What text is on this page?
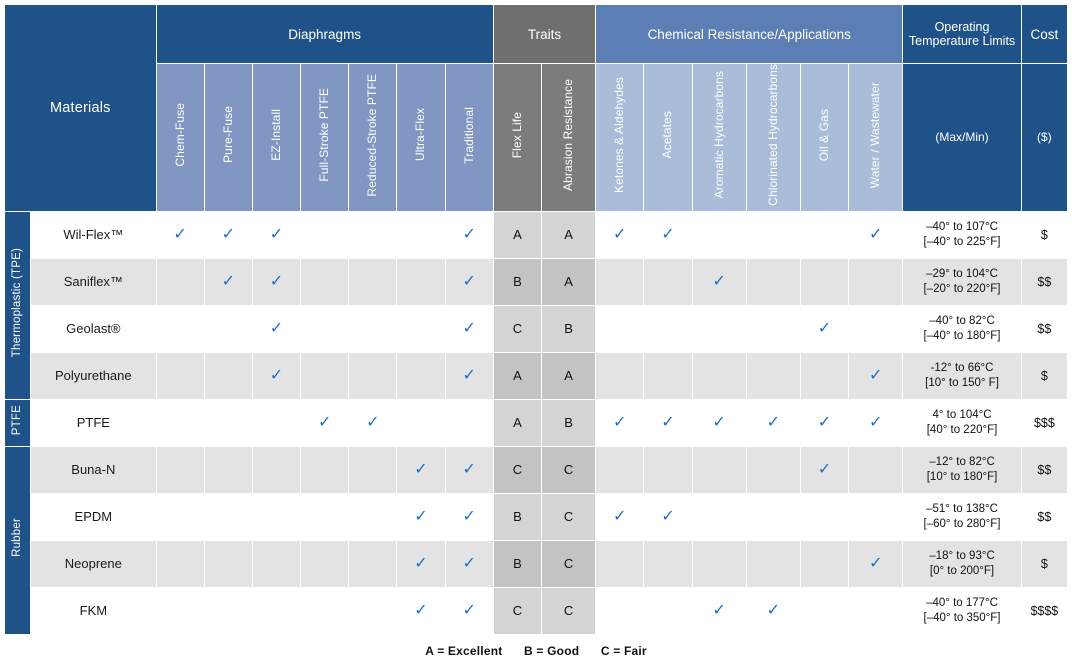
Materials		Diaphragms							Traits		Chemical Resistance/Applications						Operating Temperature Limits	Cost
		Chem-Fuse	Pure-Fuse	EZ-Install	Full-Stroke PTFE	Reduced-Stroke PTFE	Ultra-Flex	Traditional	Flex Life	Abrasion Resistance	Ketones & Aldehydes	Acetates	Aromatic Hydrocarbons	Chlorinated Hydrocarbons	Oil & Gas	Water / Wastewater	(Max/Min)	($)
Thermoplastic (TPE)	Wil-Flex™	✓	✓	✓				✓	A	A	✓	✓				✓	–40° to 107°C
[–40° to 225°F]	$
	Saniflex™		✓	✓				✓	B	A			✓				–29° to 104°C
[–20° to 220°F]	$$
	Geolast®			✓				✓	C	B					✓		–40° to 82°C
[–40° to 180°F]	$$
	Polyurethane			✓				✓	A	A						✓	-12° to 66°C
[10° to 150° F]	$
PTFE	PTFE				✓	✓			A	B	✓	✓	✓	✓	✓	✓	4° to 104°C
[40° to 220°F]	$$$
Rubber	Buna-N						✓	✓	C	C					✓		–12° to 82°C
[10° to 180°F]	$$
	EPDM						✓	✓	B	C	✓	✓					–51° to 138°C
[–60° to 280°F]	$$
	Neoprene						✓	✓	B	C						✓	–18° to 93°C
[0° to 200°F]	$
	FKM						✓	✓	C	C			✓	✓			–40° to 177°C
[–40° to 350°F]	$$$$
A = Excellent B = Good C = Fair
